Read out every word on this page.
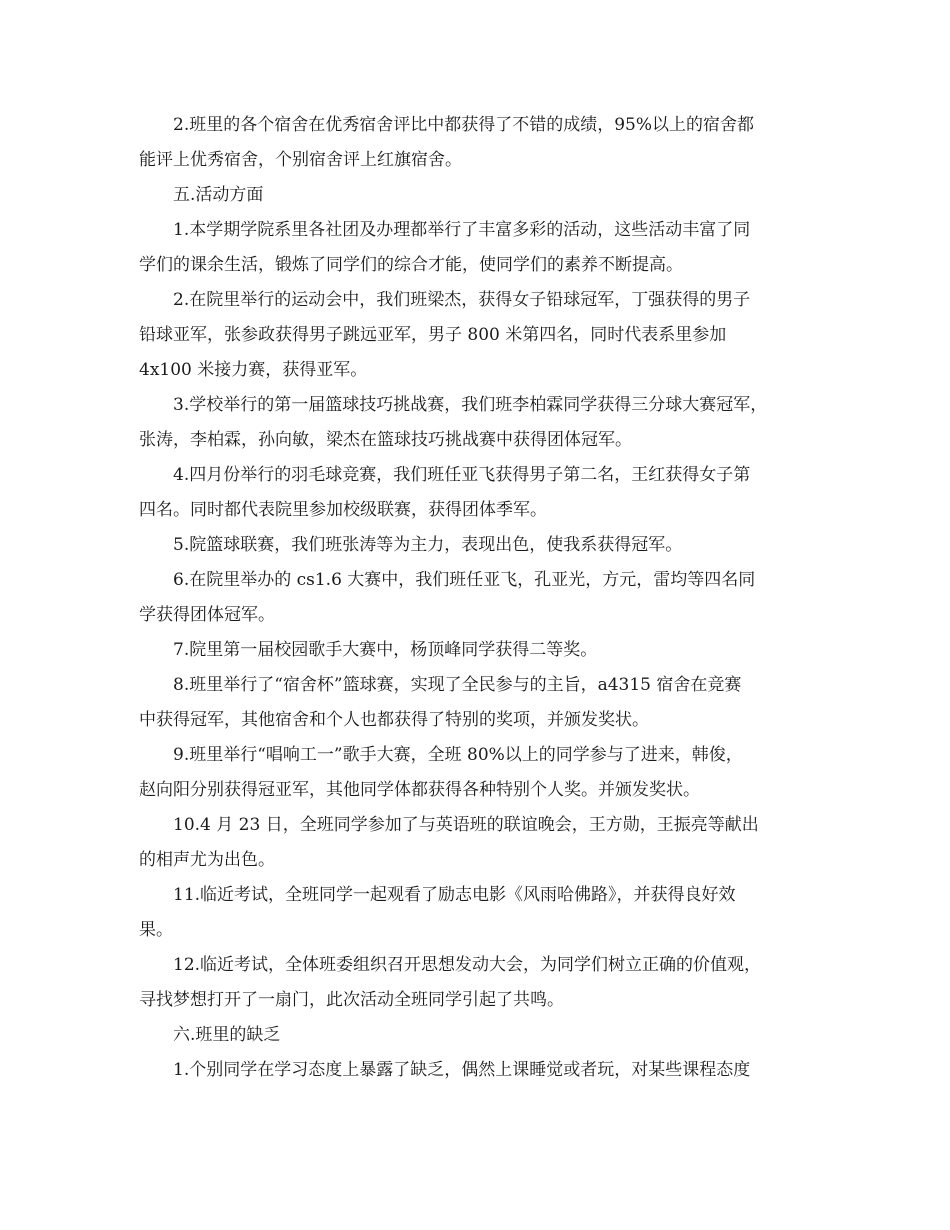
2.班里的各个宿舍在优秀宿舍评比中都获得了不错的成绩，95%以上的宿舍都

能评上优秀宿舍，个别宿舍评上红旗宿舍。

五.活动方面

1.本学期学院系里各社团及办理都举行了丰富多彩的活动，这些活动丰富了同

学们的课余生活，锻炼了同学们的综合才能，使同学们的素养不断提高。

2.在院里举行的运动会中，我们班梁杰，获得女子铅球冠军，丁强获得的男子

铅球亚军，张参政获得男子跳远亚军，男子 800 米第四名，同时代表系里参加

4x100 米接力赛，获得亚军。

3.学校举行的第一届篮球技巧挑战赛，我们班李柏霖同学获得三分球大赛冠军，

张涛，李柏霖，孙向敏，梁杰在篮球技巧挑战赛中获得团体冠军。

4.四月份举行的羽毛球竞赛，我们班任亚飞获得男子第二名，王红获得女子第

四名。同时都代表院里参加校级联赛，获得团体季军。

5.院篮球联赛，我们班张涛等为主力，表现出色，使我系获得冠军。

6.在院里举办的 cs1.6 大赛中，我们班任亚飞，孔亚光，方元，雷均等四名同

学获得团体冠军。

7.院里第一届校园歌手大赛中，杨顶峰同学获得二等奖。

8.班里举行了“宿舍杯”篮球赛，实现了全民参与的主旨，a4315 宿舍在竞赛

中获得冠军，其他宿舍和个人也都获得了特别的奖项，并颁发奖状。

9.班里举行“唱响工一”歌手大赛，全班 80%以上的同学参与了进来，韩俊，

赵向阳分别获得冠亚军，其他同学体都获得各种特别个人奖。并颁发奖状。

10.4 月 23 日，全班同学参加了与英语班的联谊晚会，王方勋，王振亮等献出

的相声尤为出色。

11.临近考试，全班同学一起观看了励志电影《风雨哈佛路》，并获得良好效

果。

12.临近考试，全体班委组织召开思想发动大会，为同学们树立正确的价值观，

寻找梦想打开了一扇门，此次活动全班同学引起了共鸣。

六.班里的缺乏

1.个别同学在学习态度上暴露了缺乏，偶然上课睡觉或者玩，对某些课程态度
